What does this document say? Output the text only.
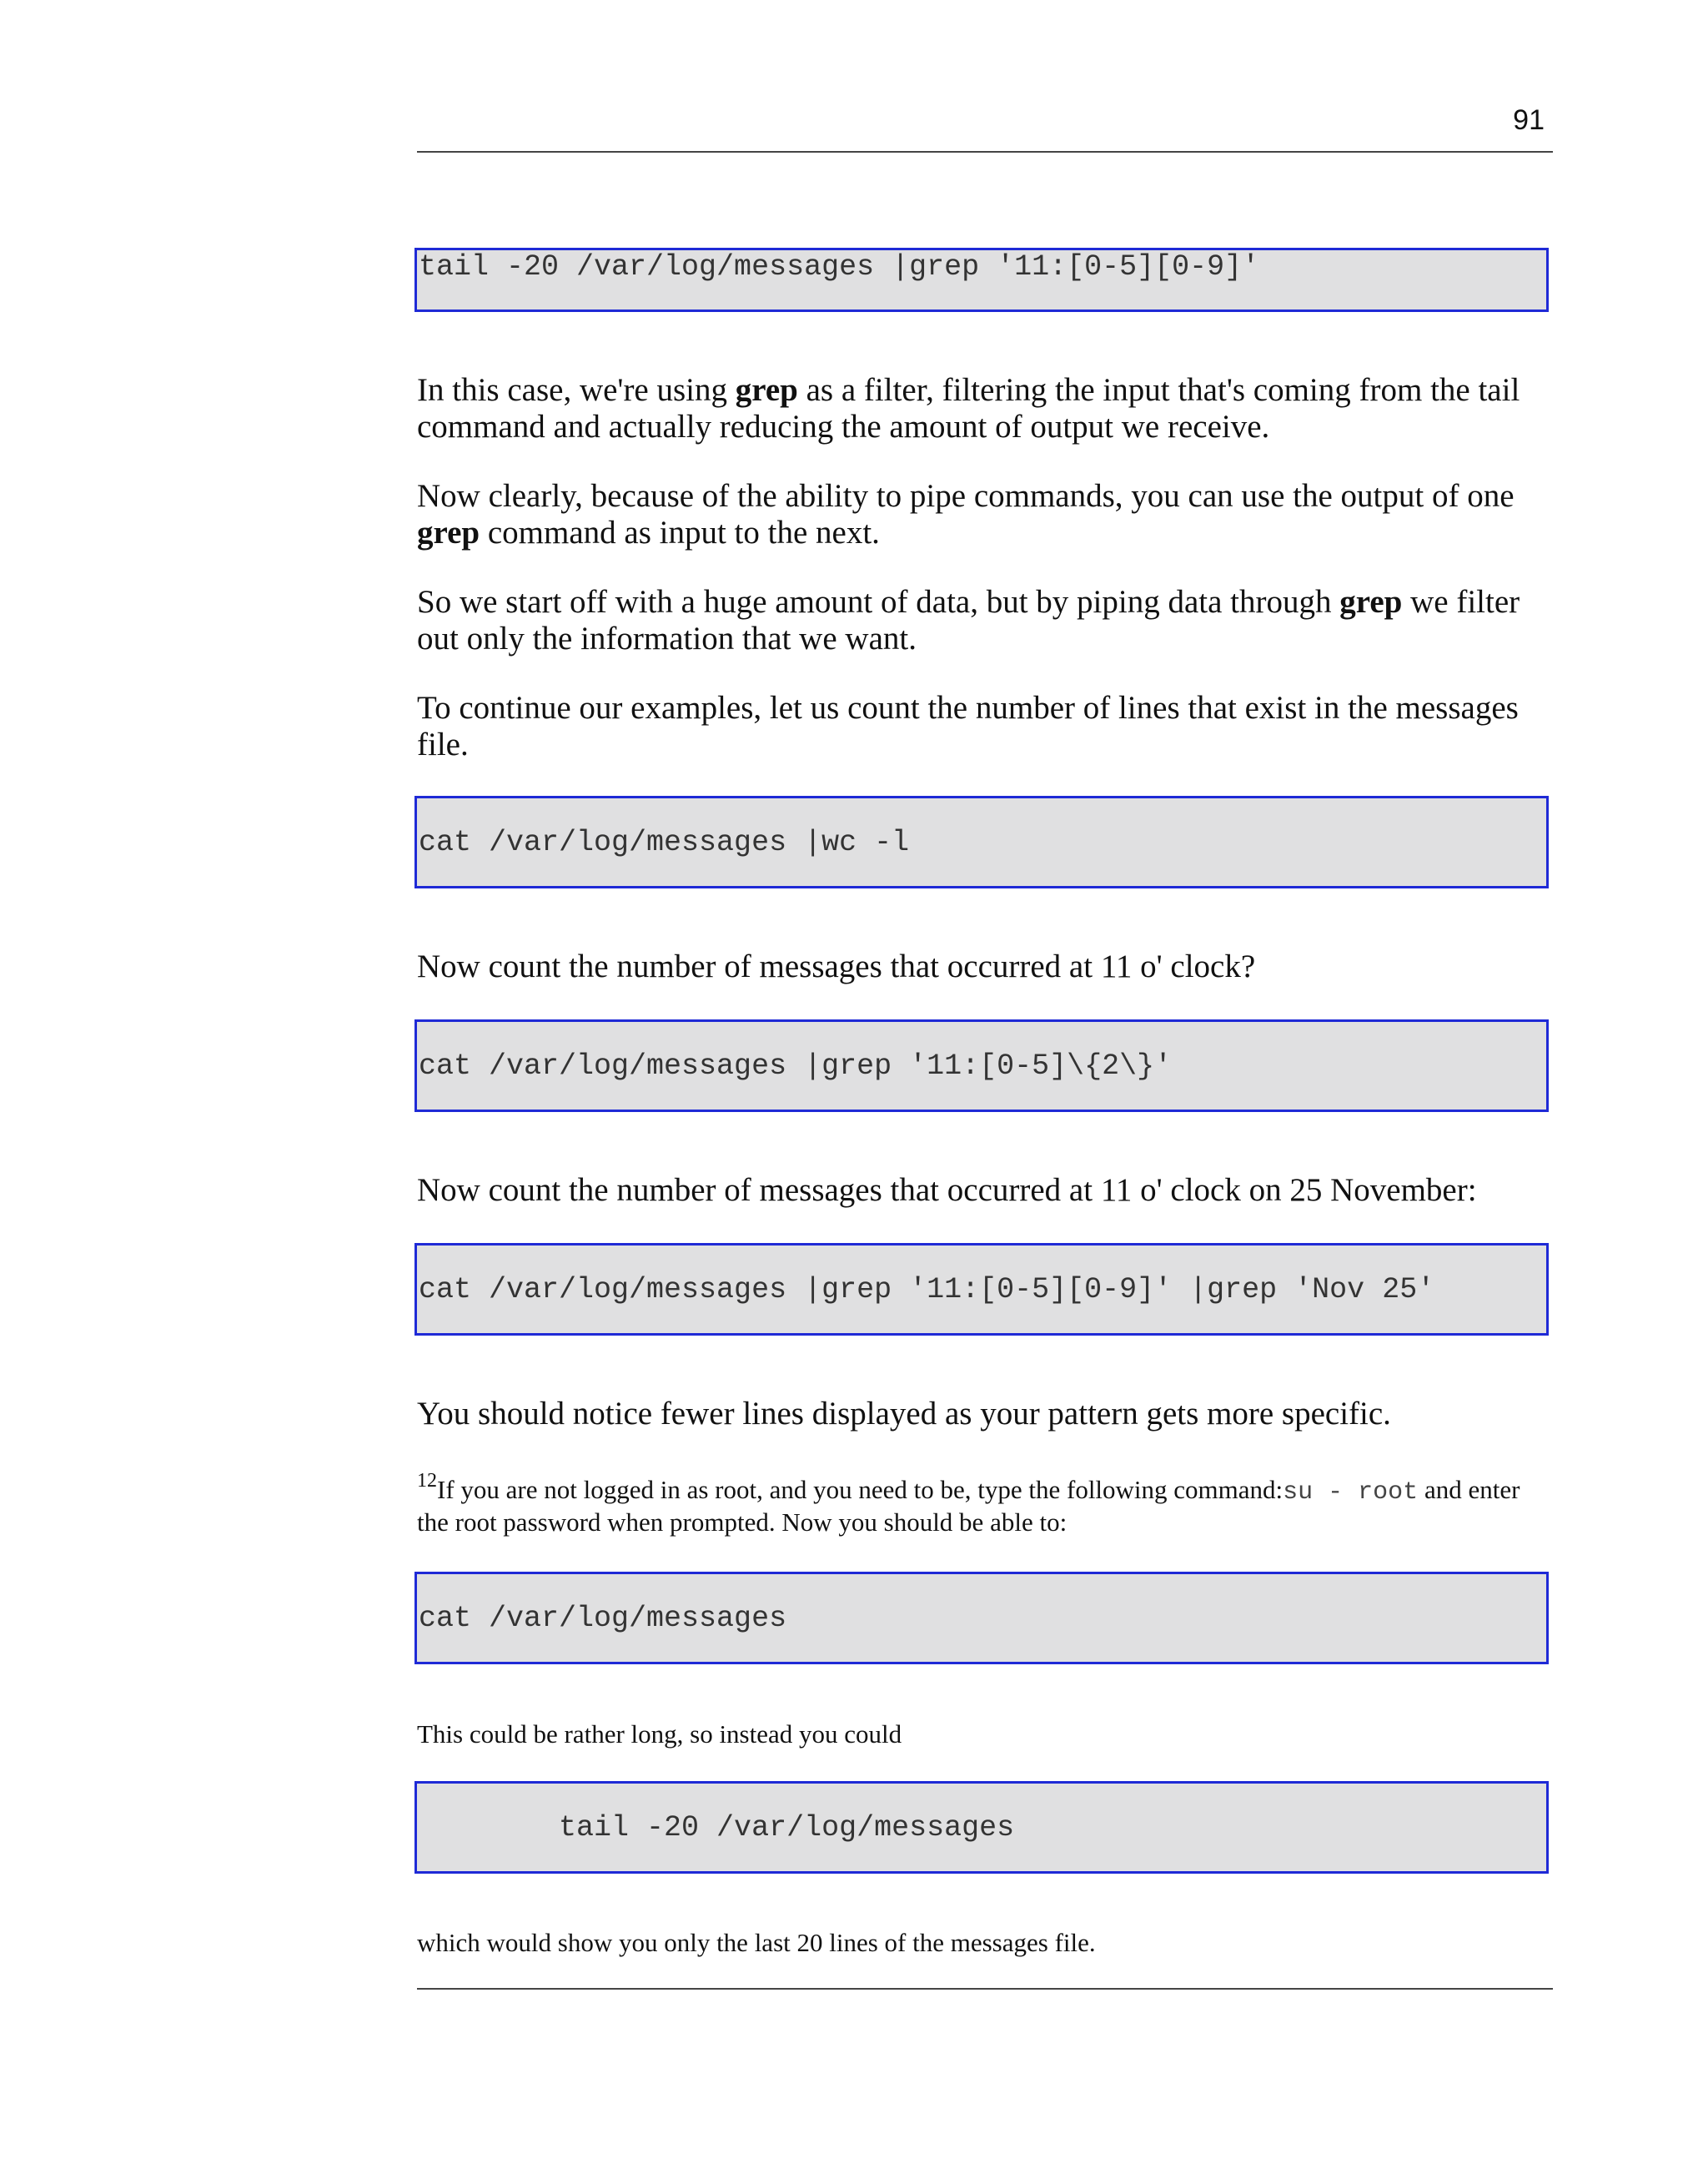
91
tail -20 /var/log/messages |grep '11:[0-5][0-9]'

In this case, we're using grep as a filter, filtering the input that's coming from the tail command and actually reducing the amount of output we receive.

Now clearly, because of the ability to pipe commands, you can use the output of one grep command as input to the next.

So we start off with a huge amount of data, but by piping data through grep we filter out only the information that we want.

To continue our examples, let us count the number of lines that exist in the messages file.

cat /var/log/messages |wc -l

Now count the number of messages that occurred at 11 o' clock?

cat /var/log/messages |grep '11:[0-5]\{2\}'

Now count the number of messages that occurred at 11 o' clock on 25 November:

cat /var/log/messages |grep '11:[0-5][0-9]' |grep 'Nov 25'

You should notice fewer lines displayed as your pattern gets more specific.

$^{12}$If you are not logged in as root, and you need to be, type the following command:su - root and enter the root password when prompted. Now you should be able to:

cat /var/log/messages

This could be rather long, so instead you could

tail -20 /var/log/messages

which would show you only the last 20 lines of the messages file.
